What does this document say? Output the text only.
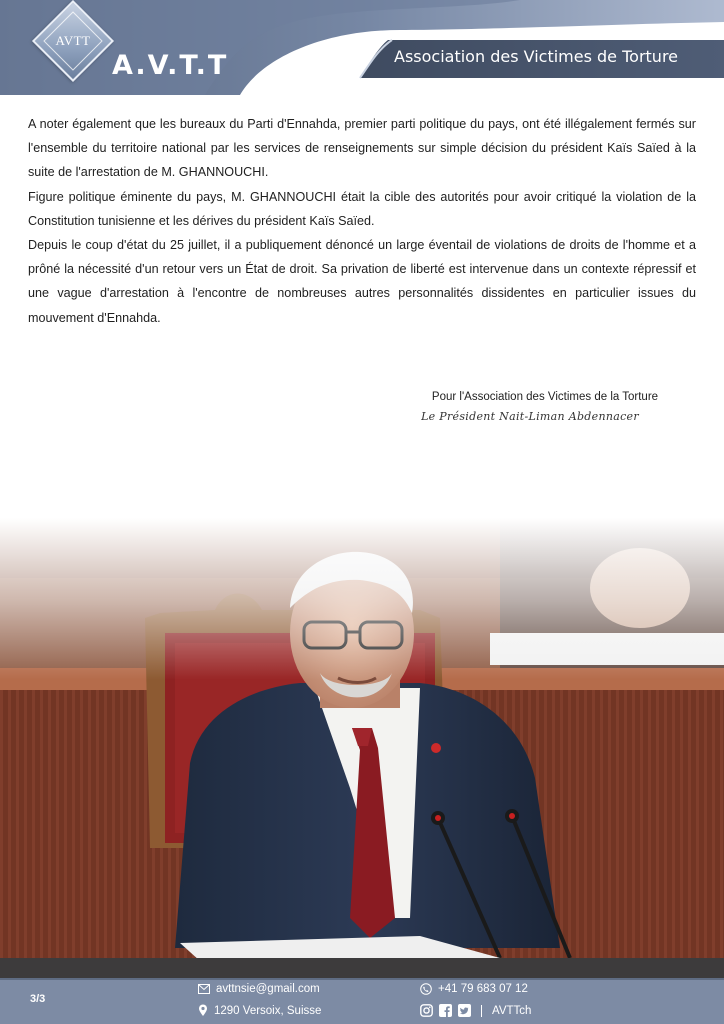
AVTT
A.V.T.T	Association des Victimes de Torture

A noter également que les bureaux du Parti d'Ennahda, premier parti politique du pays, ont été illégalement fermés sur l'ensemble du territoire national par les services de renseignements sur simple décision du président Kaïs Saïed à la suite de l'arrestation de M. GHANNOUCHI.

Figure politique éminente du pays, M. GHANNOUCHI était la cible des autorités pour avoir critiqué la violation de la Constitution tunisienne et les dérives du président Kaïs Saïed.

Depuis le coup d'état du 25 juillet, il a publiquement dénoncé un large éventail de violations de droits de l'homme et a prôné la nécessité d'un retour vers un État de droit. Sa privation de liberté est intervenue dans un contexte répressif et une vague d'arrestation à l'encontre de nombreuses autres personnalités dissidentes en particulier issues du mouvement d'Ennahda.

Pour l'Association des Victimes de la Torture
Le Président Nait-Liman Abdennacer
3/3
avttnsie@gmail.com
1290 Versoix, Suisse
+41 79 683 07 12
AVTTch
